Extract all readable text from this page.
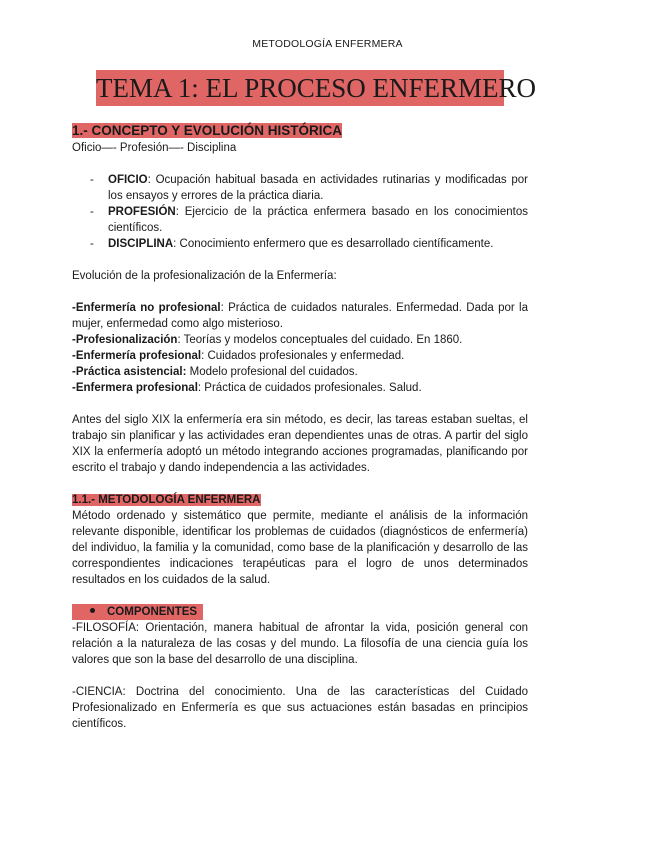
METODOLOGÍA ENFERMERA
TEMA 1: EL PROCESO ENFERMERO
1.- CONCEPTO Y EVOLUCIÓN HISTÓRICA

Oficio—- Profesión—- Disciplina

- OFICIO: Ocupación habitual basada en actividades rutinarias y modificadas por los ensayos y errores de la práctica diaria.
- PROFESIÓN: Ejercicio de la práctica enfermera basado en los conocimientos científicos.
- DISCIPLINA: Conocimiento enfermero que es desarrollado científicamente.

Evolución de la profesionalización de la Enfermería:

-Enfermería no profesional: Práctica de cuidados naturales. Enfermedad. Dada por la mujer, enfermedad como algo misterioso.

-Profesionalización: Teorías y modelos conceptuales del cuidado. En 1860.

-Enfermería profesional: Cuidados profesionales y enfermedad.

-Práctica asistencial: Modelo profesional del cuidados.

-Enfermera profesional: Práctica de cuidados profesionales. Salud.

Antes del siglo XIX la enfermería era sin método, es decir, las tareas estaban sueltas, el trabajo sin planificar y las actividades eran dependientes unas de otras. A partir del siglo XIX la enfermería adoptó un método integrando acciones programadas, planificando por escrito el trabajo y dando independencia a las actividades.

1.1.- METODOLOGÍA ENFERMERA

Método ordenado y sistemático que permite, mediante el análisis de la información relevante disponible, identificar los problemas de cuidados (diagnósticos de enfermería) del individuo, la familia y la comunidad, como base de la planificación y desarrollo de las correspondientes indicaciones terapéuticas para el logro de unos determinados resultados en los cuidados de la salud.

COMPONENTES

-FILOSOFÍA: Orientación, manera habitual de afrontar la vida, posición general con relación a la naturaleza de las cosas y del mundo. La filosofía de una ciencia guía los valores que son la base del desarrollo de una disciplina.

-CIENCIA: Doctrina del conocimiento. Una de las características del Cuidado Profesionalizado en Enfermería es que sus actuaciones están basadas en principios científicos.
